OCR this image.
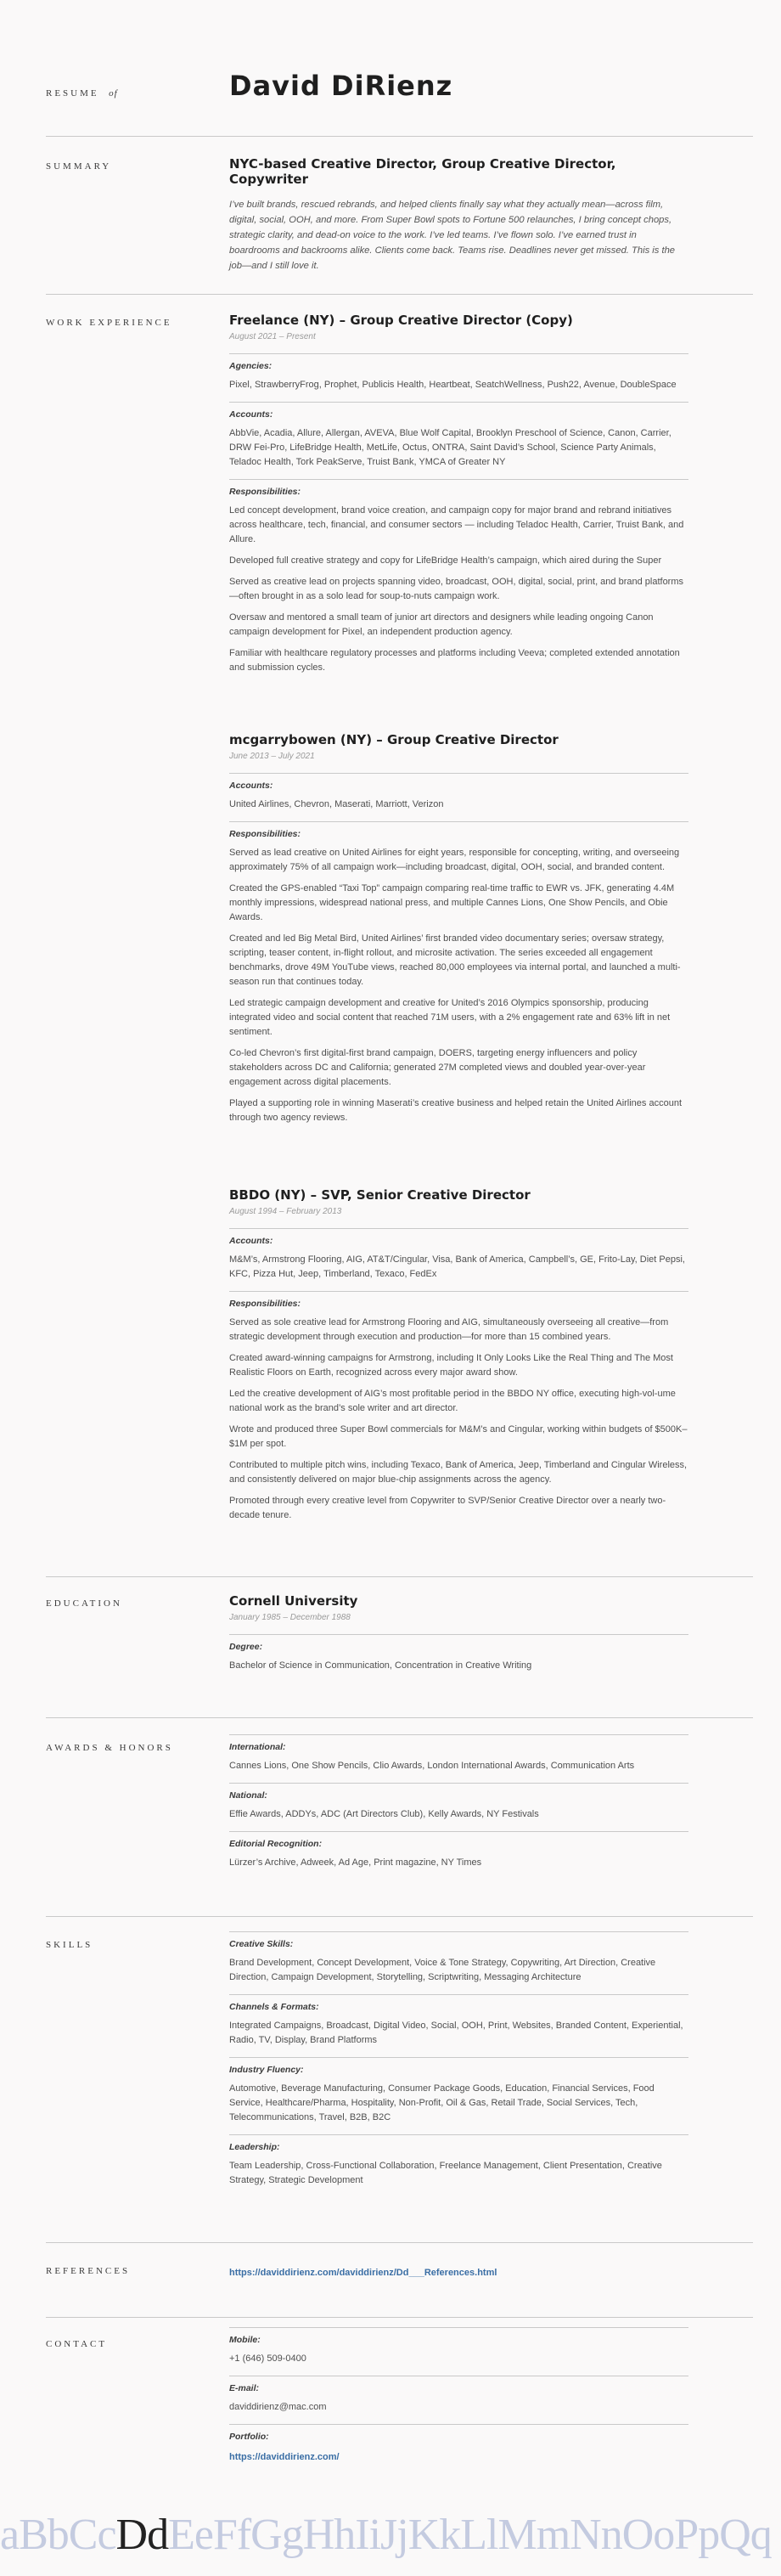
RESUME of	David DiRienz
SUMMARY	NYC-based Creative Director, Group Creative Director, Copywriter
I’ve built brands, rescued rebrands, and helped clients finally say what they actually mean—across film, digital, social, OOH, and more. From Super Bowl spots to Fortune 500 relaunches, I bring concept chops, strategic clarity, and dead-on voice to the work. I’ve led teams. I’ve flown solo. I’ve earned trust in boardrooms and backrooms alike. Clients come back. Teams rise. Deadlines never get missed. This is the job—and I still love it.
WORK EXPERIENCE	Freelance (NY) – Group Creative Director (Copy)
August 2021 – Present
Agencies:
Pixel, StrawberryFrog, Prophet, Publicis Health, Heartbeat, SeatchWellness, Push22, Avenue, DoubleSpace
Accounts:
AbbVie, Acadia, Allure, Allergan, AVEVA, Blue Wolf Capital, Brooklyn Preschool of Science, Canon, Carrier, DRW Fei-Pro, LifeBridge Health, MetLife, Octus, ONTRA, Saint David’s School, Science Party Animals, Teladoc Health, Tork PeakServe, Truist Bank, YMCA of Greater NY
Responsibilities:
Led concept development, brand voice creation, and campaign copy for major brand and rebrand initiatives across healthcare, tech, financial, and consumer sectors — including Teladoc Health, Carrier, Truist Bank, and Allure.
Developed full creative strategy and copy for LifeBridge Health’s campaign, which aired during the Super
Served as creative lead on projects spanning video, broadcast, OOH, digital, social, print, and brand platforms—often brought in as a solo lead for soup-to-nuts campaign work.
Oversaw and mentored a small team of junior art directors and designers while leading ongoing Canon campaign development for Pixel, an independent production agency.
Familiar with healthcare regulatory processes and platforms including Veeva; completed extended annotation and submission cycles.
mcgarrybowen (NY) – Group Creative Director
June 2013 – July 2021
Accounts:
United Airlines, Chevron, Maserati, Marriott, Verizon
Responsibilities:
Served as lead creative on United Airlines for eight years, responsible for concepting, writing, and overseeing approximately 75% of all campaign work—including broadcast, digital, OOH, social, and branded content.
Created the GPS-enabled “Taxi Top” campaign comparing real-time traffic to EWR vs. JFK, generating 4.4M monthly impressions, widespread national press, and multiple Cannes Lions, One Show Pencils, and Obie Awards.
Created and led Big Metal Bird, United Airlines’ first branded video documentary series; oversaw strategy, scripting, teaser content, in-flight rollout, and microsite activation. The series exceeded all engagement benchmarks, drove 49M YouTube views, reached 80,000 employees via internal portal, and launched a multi-season run that continues today.
Led strategic campaign development and creative for United’s 2016 Olympics sponsorship, producing integrated video and social content that reached 71M users, with a 2% engagement rate and 63% lift in net sentiment.
Co-led Chevron’s first digital-first brand campaign, DOERS, targeting energy influencers and policy stakeholders across DC and California; generated 27M completed views and doubled year-over-year engagement across digital placements.
Played a supporting role in winning Maserati’s creative business and helped retain the United Airlines account through two agency reviews.
BBDO (NY) – SVP, Senior Creative Director
August 1994 – February 2013
Accounts:
M&M’s, Armstrong Flooring, AIG, AT&T/Cingular, Visa, Bank of America, Campbell’s, GE, Frito-Lay, Diet Pepsi, KFC, Pizza Hut, Jeep, Timberland, Texaco, FedEx
Responsibilities:
Served as sole creative lead for Armstrong Flooring and AIG, simultaneously overseeing all creative—from strategic development through execution and production—for more than 15 combined years.
Created award-winning campaigns for Armstrong, including It Only Looks Like the Real Thing and The Most Realistic Floors on Earth, recognized across every major award show.
Led the creative development of AIG’s most profitable period in the BBDO NY office, executing high-vol-ume national work as the brand’s sole writer and art director.
Wrote and produced three Super Bowl commercials for M&M’s and Cingular, working within budgets of $500K–$1M per spot.
Contributed to multiple pitch wins, including Texaco, Bank of America, Jeep, Timberland and Cingular Wireless, and consistently delivered on major blue-chip assignments across the agency.
Promoted through every creative level from Copywriter to SVP/Senior Creative Director over a nearly two-decade tenure.
EDUCATION	Cornell University
January 1985 – December 1988
Degree:
Bachelor of Science in Communication, Concentration in Creative Writing
AWARDS & HONORS	International:
Cannes Lions, One Show Pencils, Clio Awards, London International Awards, Communication Arts
National:
Effie Awards, ADDYs, ADC (Art Directors Club), Kelly Awards, NY Festivals
Editorial Recognition:
Lürzer’s Archive, Adweek, Ad Age, Print magazine, NY Times
SKILLS	Creative Skills:
Brand Development, Concept Development, Voice & Tone Strategy, Copywriting, Art Direction, Creative Direction, Campaign Development, Storytelling, Scriptwriting, Messaging Architecture
Channels & Formats:
Integrated Campaigns, Broadcast, Digital Video, Social, OOH, Print, Websites, Branded Content, Experiential, Radio, TV, Display, Brand Platforms
Industry Fluency:
Automotive, Beverage Manufacturing, Consumer Package Goods, Education, Financial Services, Food Service, Healthcare/Pharma, Hospitality, Non-Profit, Oil & Gas, Retail Trade, Social Services, Tech, Telecommunications, Travel, B2B, B2C
Leadership:
Team Leadership, Cross-Functional Collaboration, Freelance Management, Client Presentation, Creative Strategy, Strategic Development
REFERENCES	https://daviddirienz.com/daviddirienz/Dd___References.html
CONTACT	Mobile:
+1 (646) 509-0400
E-mail:
daviddirienz@mac.com
Portfolio:
https://daviddirienz.com/
aBbCcDdEeFfGgHhIiJjKkLlMmNnOoPpQq
